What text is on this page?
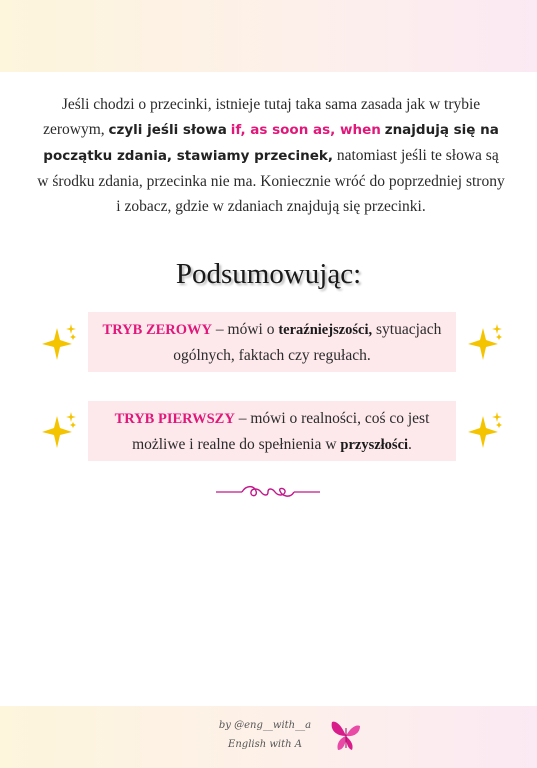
Jeśli chodzi o przecinki, istnieje tutaj taka sama zasada jak w trybie zerowym, czyli jeśli słowa if, as soon as, when znajdują się na początku zdania, stawiamy przecinek, natomiast jeśli te słowa są w środku zdania, przecinka nie ma. Koniecznie wróć do poprzedniej strony i zobacz, gdzie w zdaniach znajdują się przecinki.
Podsumowując:
TRYB ZEROWY – mówi o teraźniejszości, sytuacjach ogólnych, faktach czy regułach.
TRYB PIERWSZY – mówi o realności, coś co jest możliwe i realne do spełnienia w przyszłości.
by @eng__with__a
English with A
